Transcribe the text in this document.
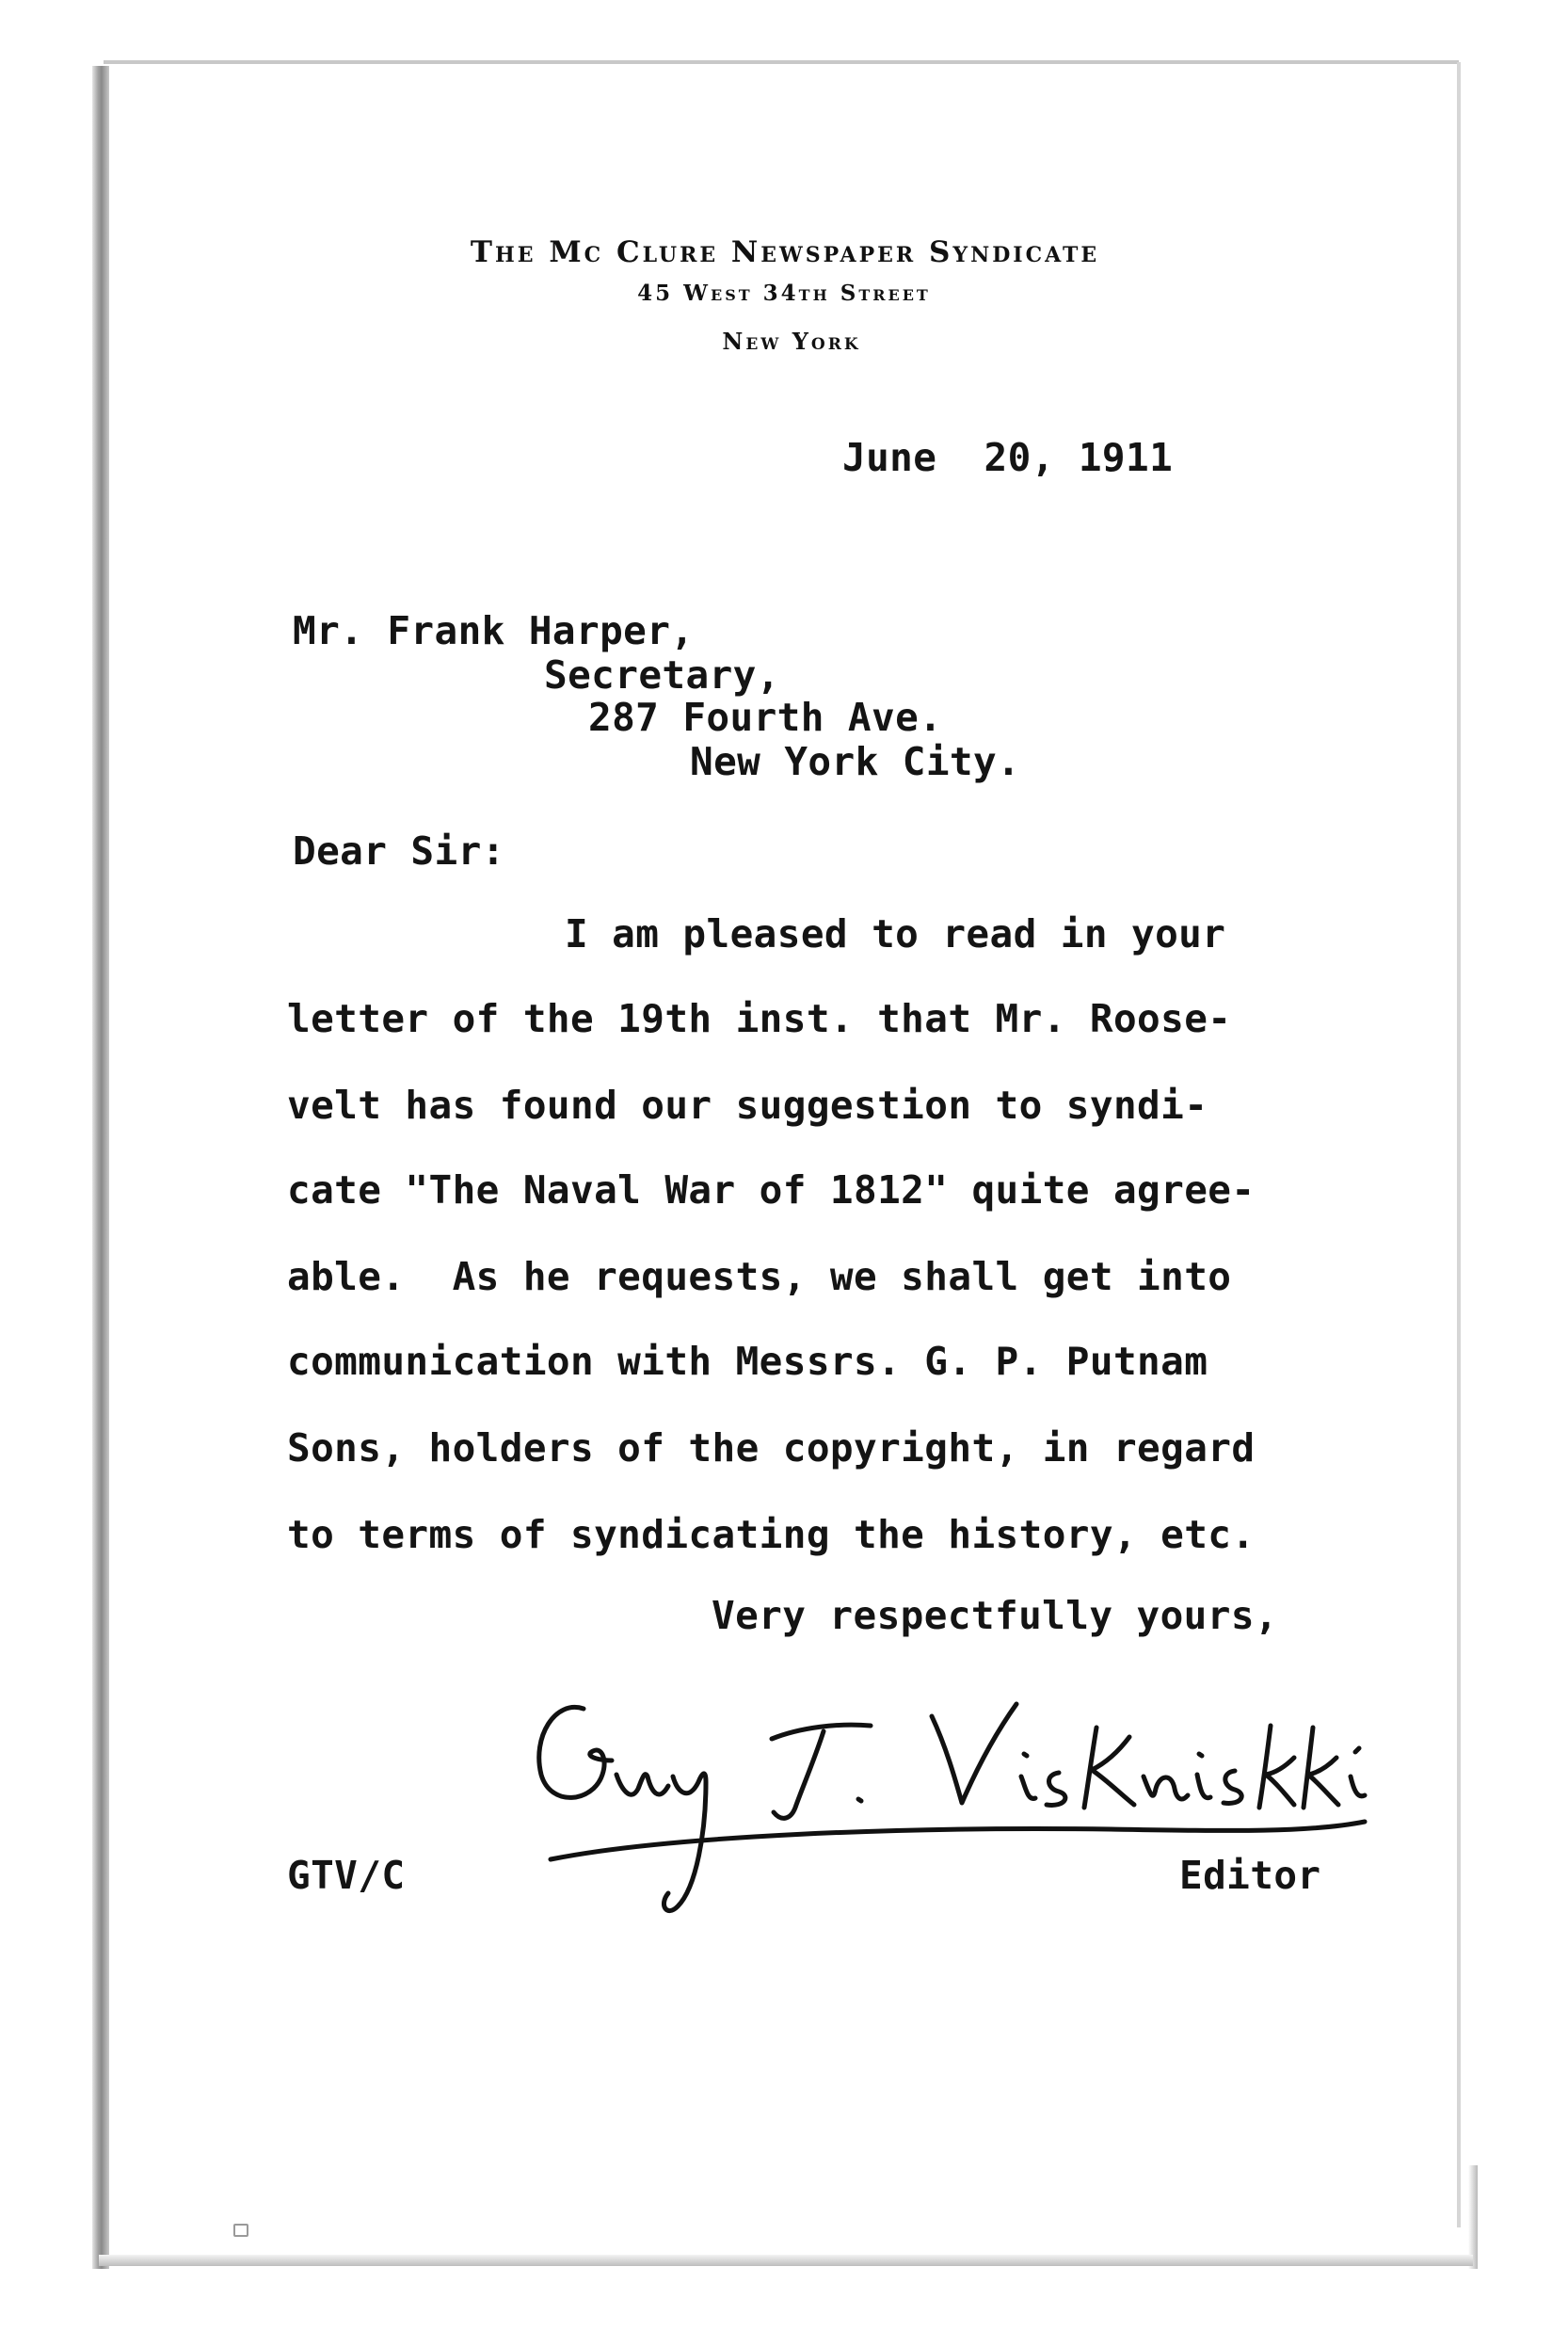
The Mc Clure Newspaper Syndicate
45 West 34th Street
New York
June  20, 1911
Mr. Frank Harper,
Secretary,
287 Fourth Ave.
New York City.
Dear Sir:
I am pleased to read in your
letter of the 19th inst. that Mr. Roose-
velt has found our suggestion to syndi-
cate "The Naval War of 1812" quite agree-
able.  As he requests, we shall get into
communication with Messrs. G. P. Putnam
Sons, holders of the copyright, in regard
to terms of syndicating the history, etc.
Very respectfully yours,
GTV/C	Editor
